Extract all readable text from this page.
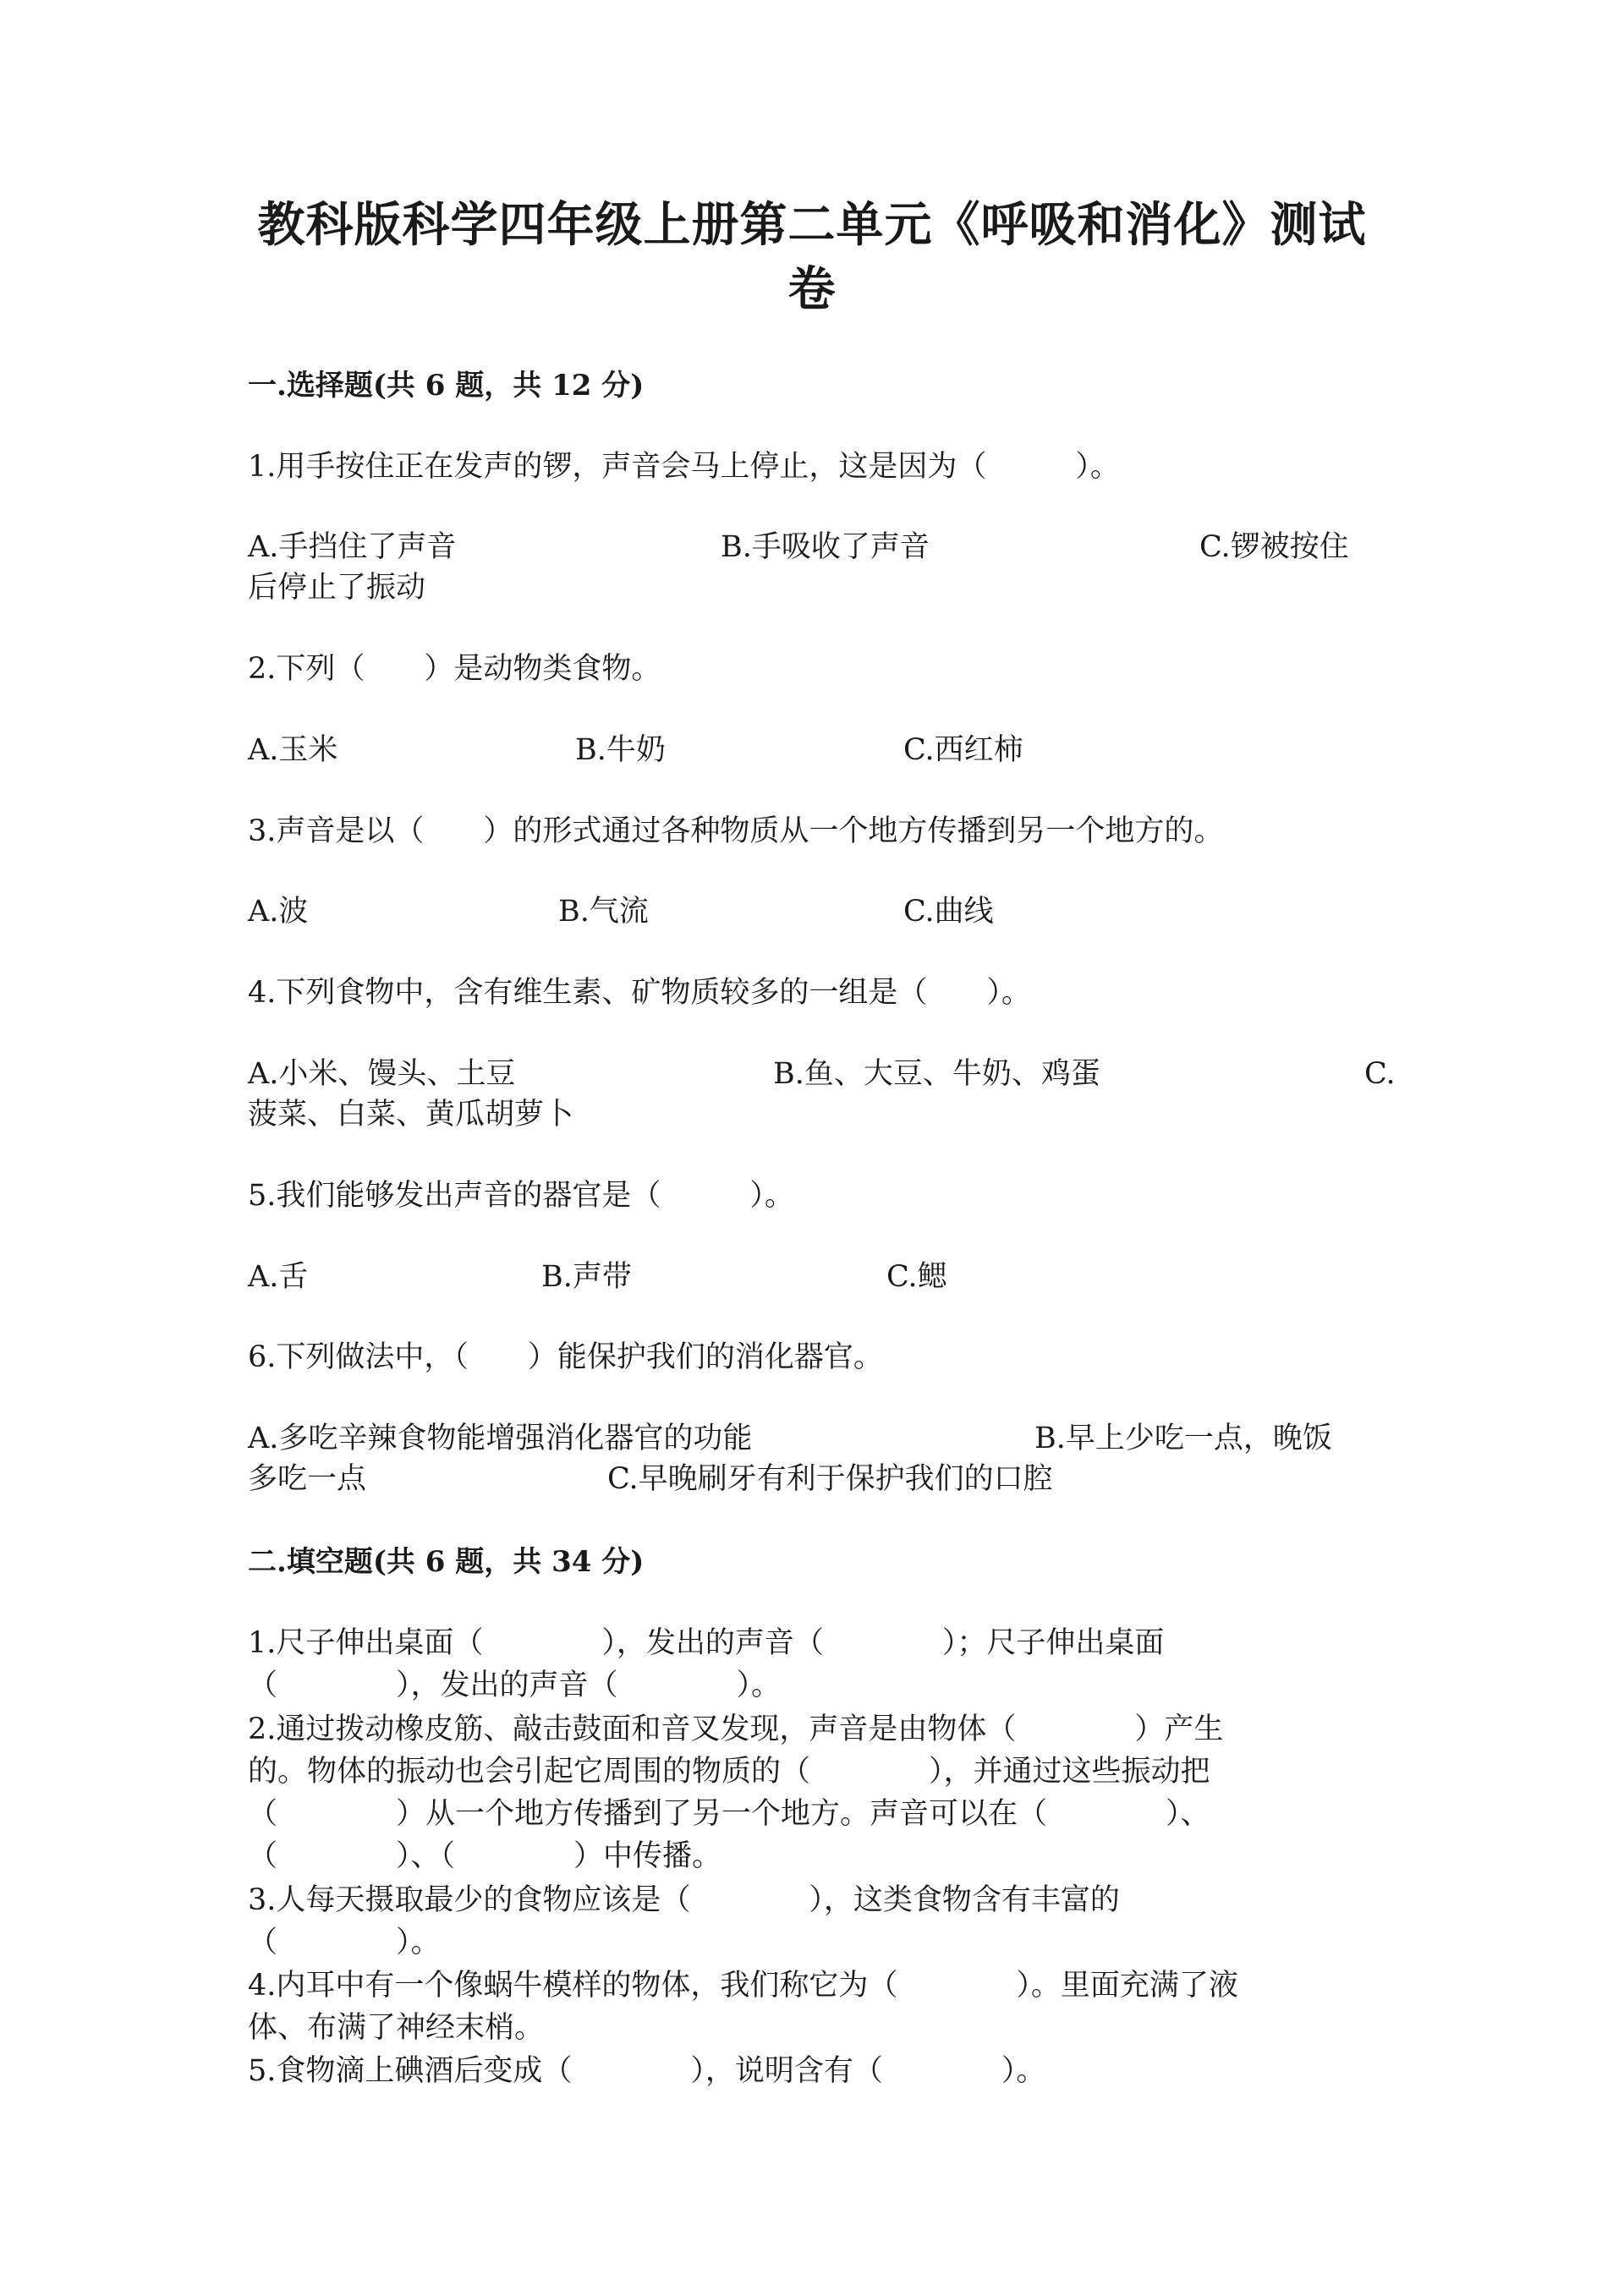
教科版科学四年级上册第二单元《呼吸和消化》测试卷
一.选择题(共 6 题，共 12 分)
1.用手按住正在发声的锣，声音会马上停止，这是因为（　　　）。
A.手挡住了声音	B.手吸收了声音	C.锣被按住
后停止了振动
2.下列（　　）是动物类食物。
A.玉米	B.牛奶	C.西红柿
3.声音是以（　　）的形式通过各种物质从一个地方传播到另一个地方的。
A.波	B.气流	C.曲线
4.下列食物中，含有维生素、矿物质较多的一组是（　　）。
A.小米、馒头、土豆	B.鱼、大豆、牛奶、鸡蛋	C.
菠菜、白菜、黄瓜胡萝卜
5.我们能够发出声音的器官是（　　　）。
A.舌	B.声带	C.鳃
6.下列做法中，（　　）能保护我们的消化器官。
A.多吃辛辣食物能增强消化器官的功能	B.早上少吃一点，晚饭
多吃一点	C.早晚刷牙有利于保护我们的口腔
二.填空题(共 6 题，共 34 分)
1.尺子伸出桌面（　　　　），发出的声音（　　　　）；尺子伸出桌面
（　　　　），发出的声音（　　　　）。
2.通过拨动橡皮筋、敲击鼓面和音叉发现，声音是由物体（　　　　）产生
的。物体的振动也会引起它周围的物质的（　　　　），并通过这些振动把
（　　　　）从一个地方传播到了另一个地方。声音可以在（　　　　）、
（　　　　）、（　　　　）中传播。
3.人每天摄取最少的食物应该是（　　　　），这类食物含有丰富的
（　　　　）。
4.内耳中有一个像蜗牛模样的物体，我们称它为（　　　　）。里面充满了液
体、布满了神经末梢。
5.食物滴上碘酒后变成（　　　　），说明含有（　　　　）。
